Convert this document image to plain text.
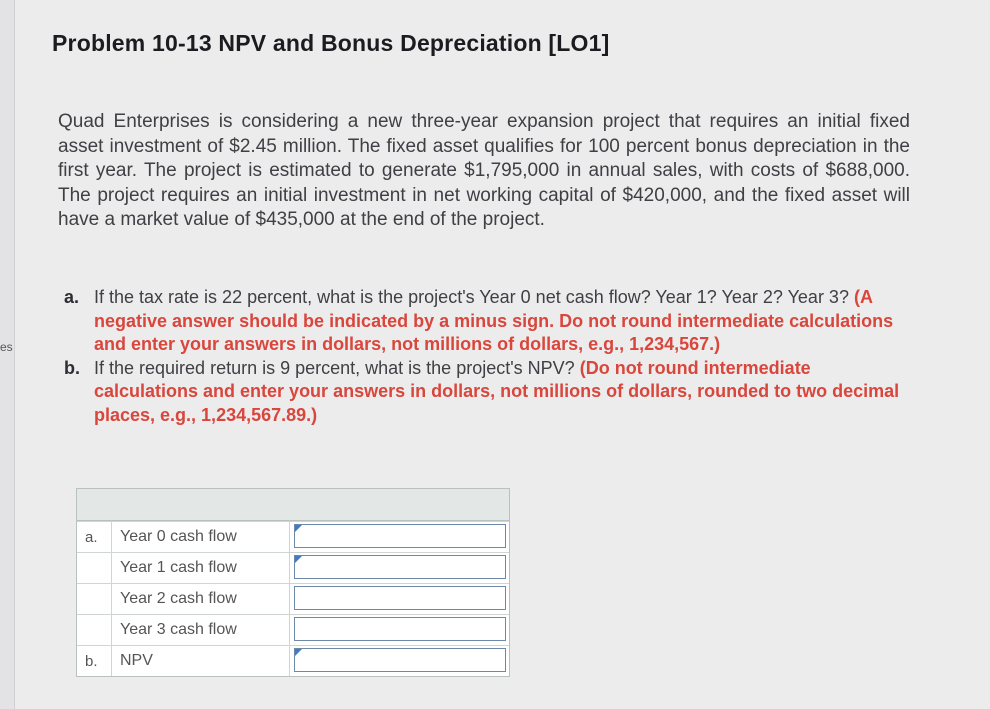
es
Problem 10-13 NPV and Bonus Depreciation [LO1]
Quad Enterprises is considering a new three-year expansion project that requires an initial fixed asset investment of $2.45 million. The fixed asset qualifies for 100 percent bonus depreciation in the first year. The project is estimated to generate $1,795,000 in annual sales, with costs of $688,000. The project requires an initial investment in net working capital of $420,000, and the fixed asset will have a market value of $435,000 at the end of the project.
a. If the tax rate is 22 percent, what is the project's Year 0 net cash flow? Year 1? Year 2? Year 3? (A negative answer should be indicated by a minus sign. Do not round intermediate calculations and enter your answers in dollars, not millions of dollars, e.g., 1,234,567.)
b. If the required return is 9 percent, what is the project's NPV? (Do not round intermediate calculations and enter your answers in dollars, not millions of dollars, rounded to two decimal places, e.g., 1,234,567.89.)
a.	Year 0 cash flow
Year 1 cash flow
Year 2 cash flow
Year 3 cash flow
b.	NPV
